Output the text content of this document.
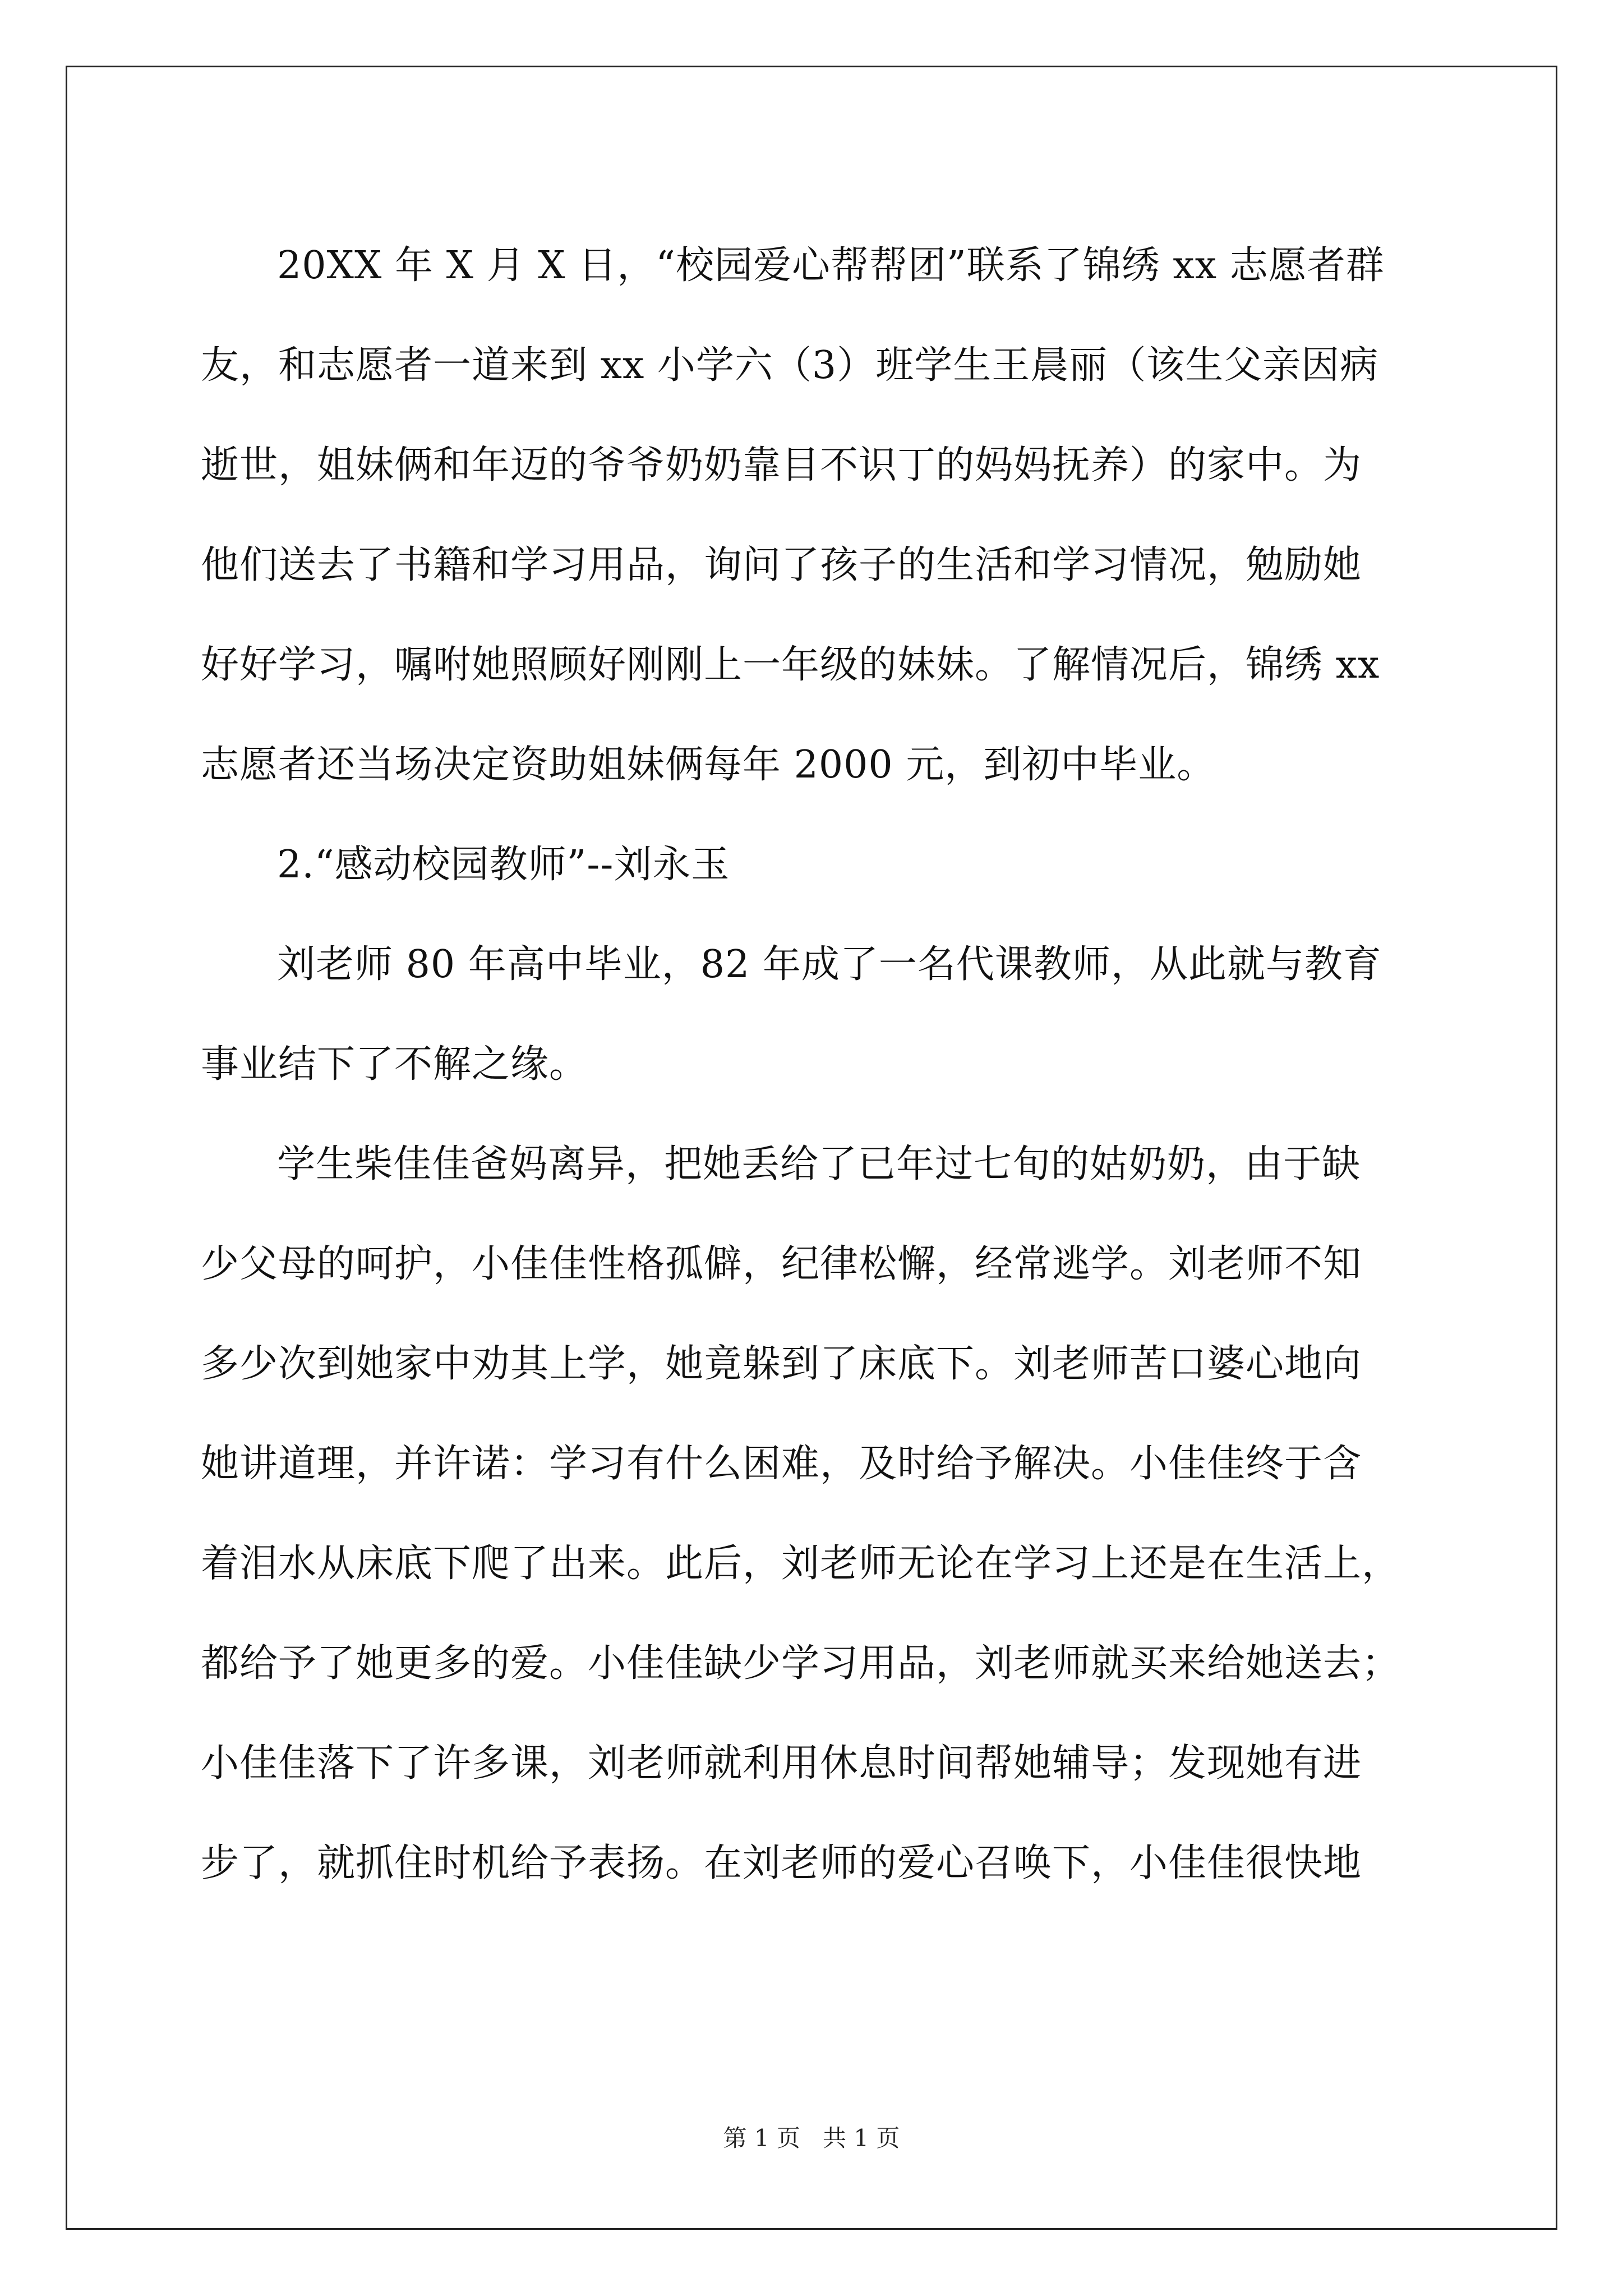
20XX 年 X 月 X 日，“校园爱心帮帮团”联系了锦绣 xx 志愿者群
友，和志愿者一道来到 xx 小学六（3）班学生王晨丽（该生父亲因病
逝世，姐妹俩和年迈的爷爷奶奶靠目不识丁的妈妈抚养）的家中。为
他们送去了书籍和学习用品，询问了孩子的生活和学习情况，勉励她
好好学习，嘱咐她照顾好刚刚上一年级的妹妹。了解情况后，锦绣 xx
志愿者还当场决定资助姐妹俩每年 2000 元，到初中毕业。
2.“感动校园教师”--刘永玉
刘老师 80 年高中毕业，82 年成了一名代课教师，从此就与教育
事业结下了不解之缘。
学生柴佳佳爸妈离异，把她丢给了已年过七旬的姑奶奶，由于缺
少父母的呵护，小佳佳性格孤僻，纪律松懈，经常逃学。刘老师不知
多少次到她家中劝其上学，她竟躲到了床底下。刘老师苦口婆心地向
她讲道理，并许诺：学习有什么困难，及时给予解决。小佳佳终于含
着泪水从床底下爬了出来。此后，刘老师无论在学习上还是在生活上，
都给予了她更多的爱。小佳佳缺少学习用品，刘老师就买来给她送去；
小佳佳落下了许多课，刘老师就利用休息时间帮她辅导；发现她有进
步了，就抓住时机给予表扬。在刘老师的爱心召唤下，小佳佳很快地
第 1 页 共 1 页
